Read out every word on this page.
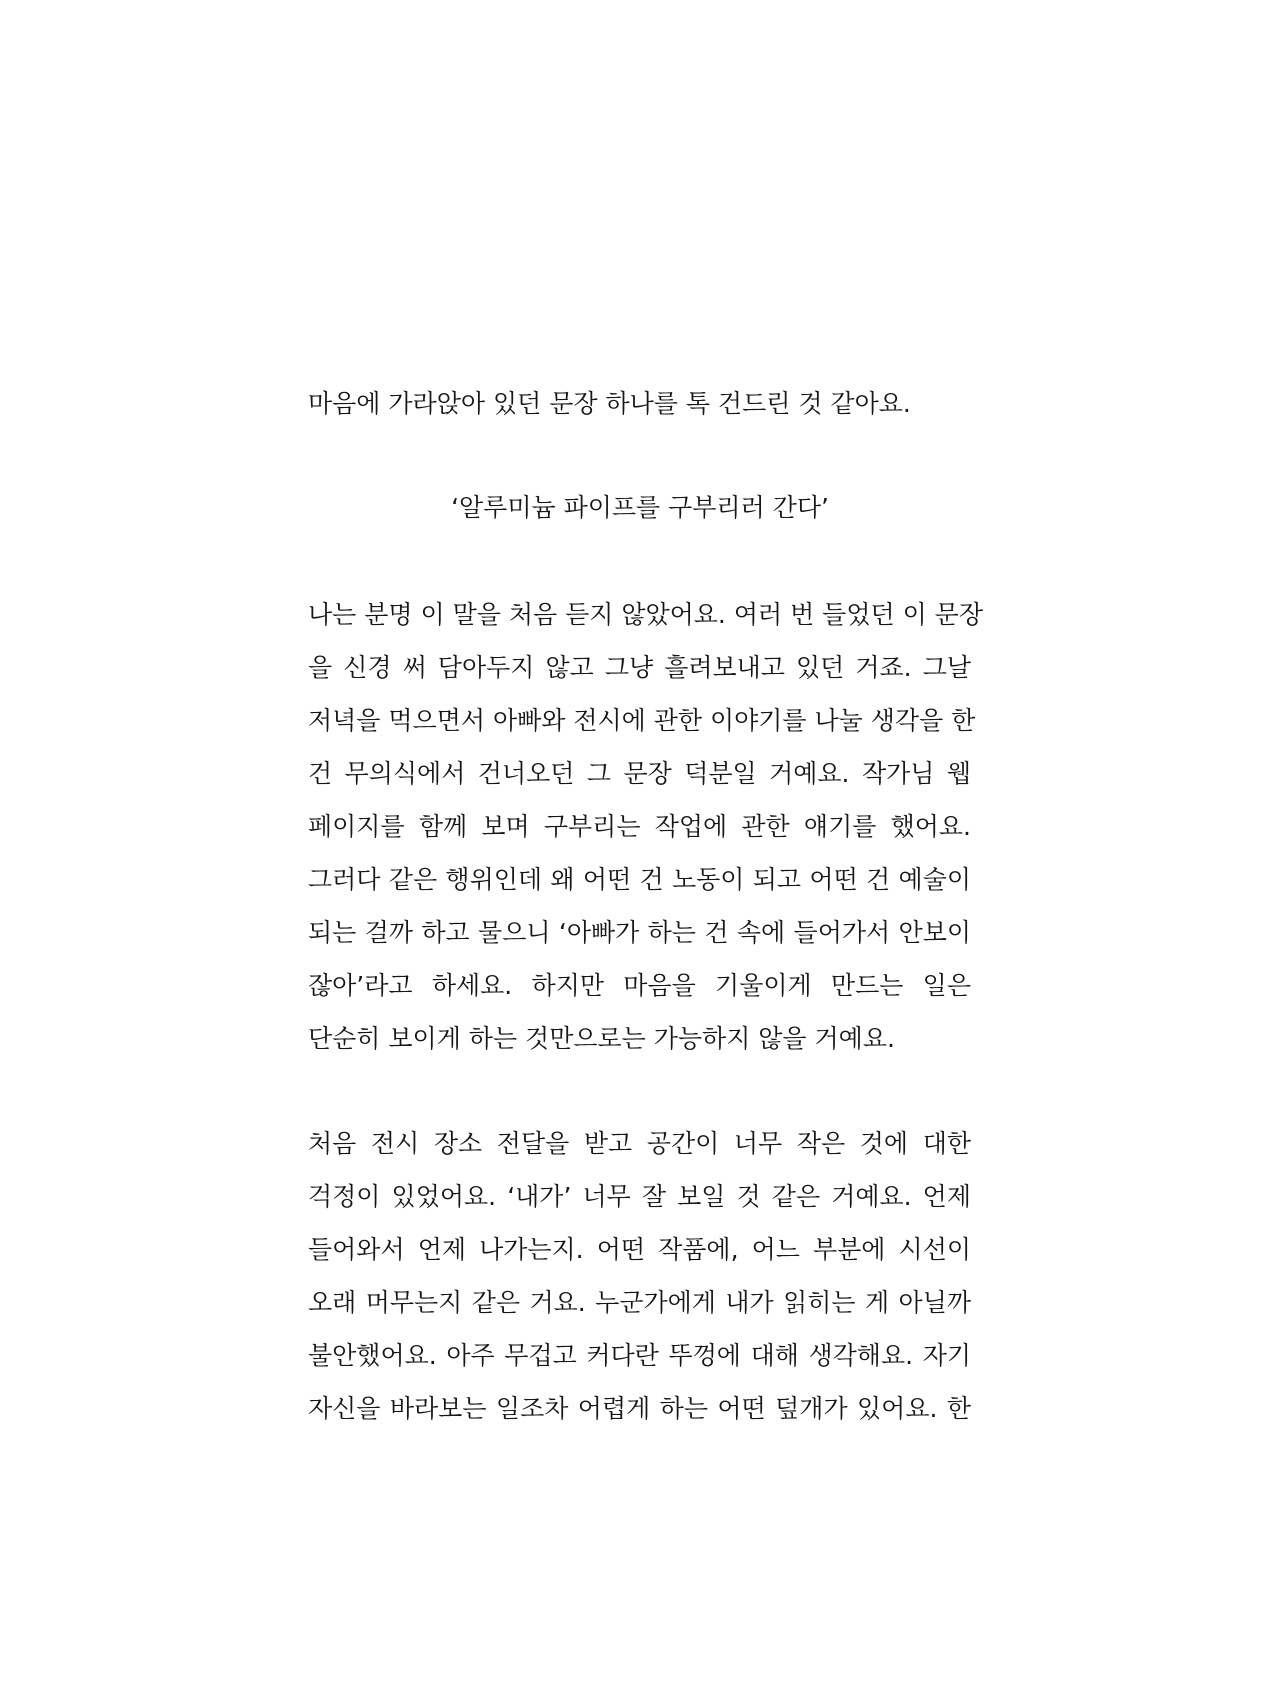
마음에 가라앉아 있던 문장 하나를 톡 건드린 것 같아요.
‘알루미늄 파이프를 구부리러 간다’
나는 분명 이 말을 처음 듣지 않았어요. 여러 번 들었던 이 문장
을 신경 써 담아두지 않고 그냥 흘려보내고 있던 거죠. 그날
저녁을 먹으면서 아빠와 전시에 관한 이야기를 나눌 생각을 한
건 무의식에서 건너오던 그 문장 덕분일 거예요. 작가님 웹
페이지를 함께 보며 구부리는 작업에 관한 얘기를 했어요.
그러다 같은 행위인데 왜 어떤 건 노동이 되고 어떤 건 예술이
되는 걸까 하고 물으니 ‘아빠가 하는 건 속에 들어가서 안보이
잖아’라고 하세요. 하지만 마음을 기울이게 만드는 일은
단순히 보이게 하는 것만으로는 가능하지 않을 거예요.
처음 전시 장소 전달을 받고 공간이 너무 작은 것에 대한
걱정이 있었어요. ‘내가’ 너무 잘 보일 것 같은 거예요. 언제
들어와서 언제 나가는지. 어떤 작품에, 어느 부분에 시선이
오래 머무는지 같은 거요. 누군가에게 내가 읽히는 게 아닐까
불안했어요. 아주 무겁고 커다란 뚜껑에 대해 생각해요. 자기
자신을 바라보는 일조차 어렵게 하는 어떤 덮개가 있어요. 한
